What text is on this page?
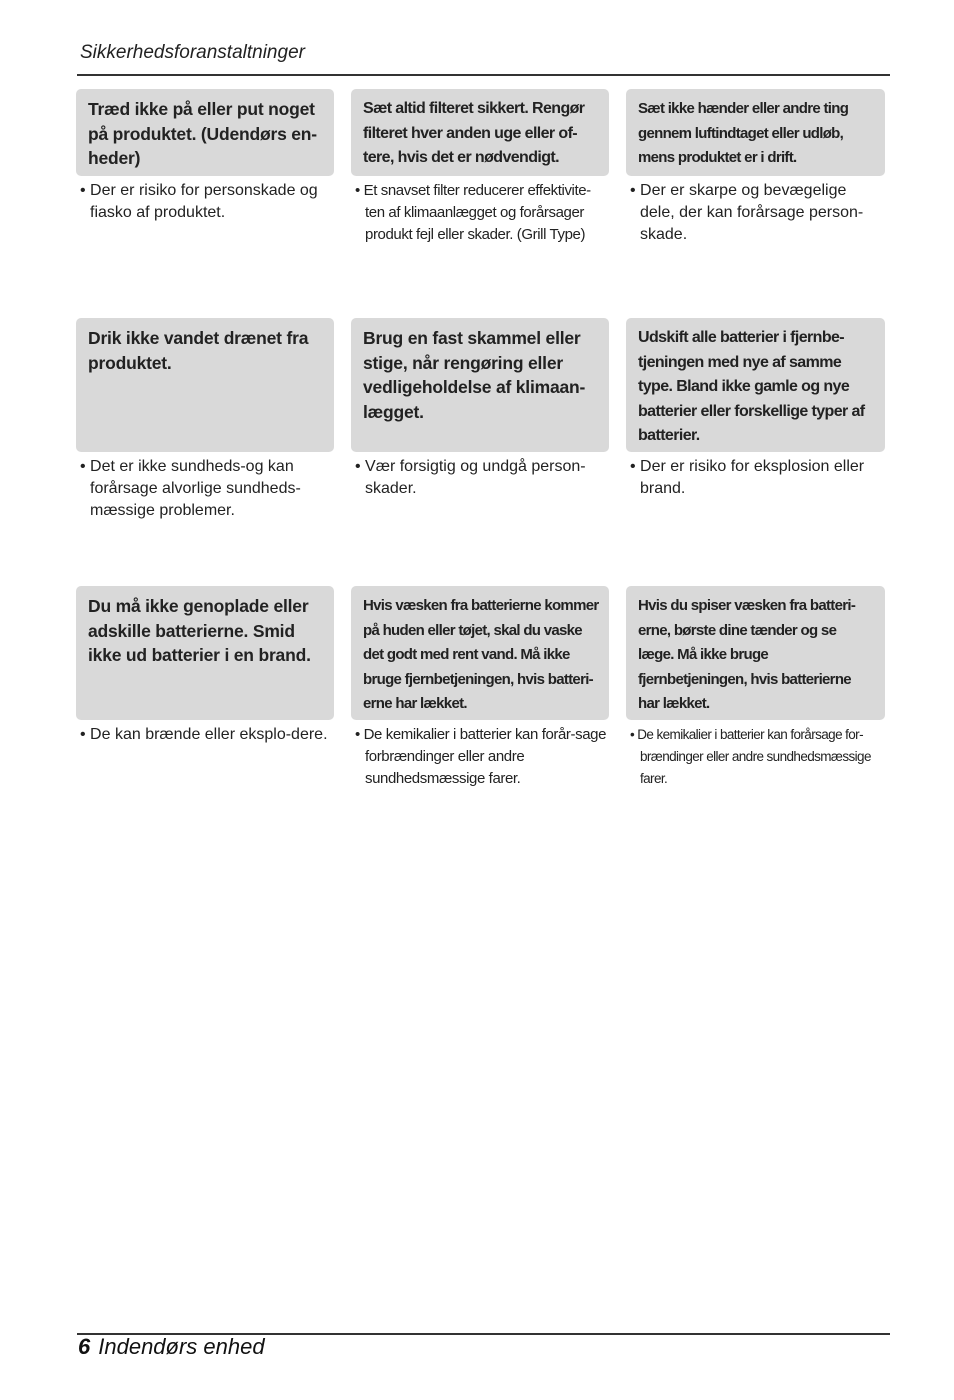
Sikkerhedsforanstaltninger
Træd ikke på eller put noget på produktet. (Udendørs en-heder)
• Der er risiko for personskade og fiasko af produktet.
Sæt altid filteret sikkert. Rengør filteret hver anden uge eller of-tere, hvis det er nødvendigt.
• Et snavset filter reducerer effektivite-ten af klimaanlægget og forårsager produkt fejl eller skader. (Grill Type)
Sæt ikke hænder eller andre ting gennem luftindtaget eller udløb, mens produktet er i drift.
• Der er skarpe og bevægelige dele, der kan forårsage person-skade.
Drik ikke vandet drænet fra produktet.
• Det er ikke sundheds-og kan forårsage alvorlige sundheds-mæssige problemer.
Brug en fast skammel eller stige, når rengøring eller vedligeholdelse af klimaan-lægget.
• Vær forsigtig og undgå person-skader.
Udskift alle batterier i fjernbe-tjeningen med nye af samme type. Bland ikke gamle og nye batterier eller forskellige typer af batterier.
• Der er risiko for eksplosion eller brand.
Du må ikke genoplade eller adskille batterierne. Smid ikke ud batterier i en brand.
• De kan brænde eller eksplo-dere.
Hvis væsken fra batterierne kommer på huden eller tøjet, skal du vaske det godt med rent vand. Må ikke bruge fjernbetjeningen, hvis batteri-erne har lækket.
• De kemikalier i batterier kan forår-sage forbrændinger eller andre sundhedsmæssige farer.
Hvis du spiser væsken fra batteri-erne, børste dine tænder og se læge. Må ikke bruge fjernbetjeningen, hvis batterierne har lækket.
• De kemikalier i batterier kan forårsage for-brændinger eller andre sundhedsmæssige farer.
6 Indendørs enhed
